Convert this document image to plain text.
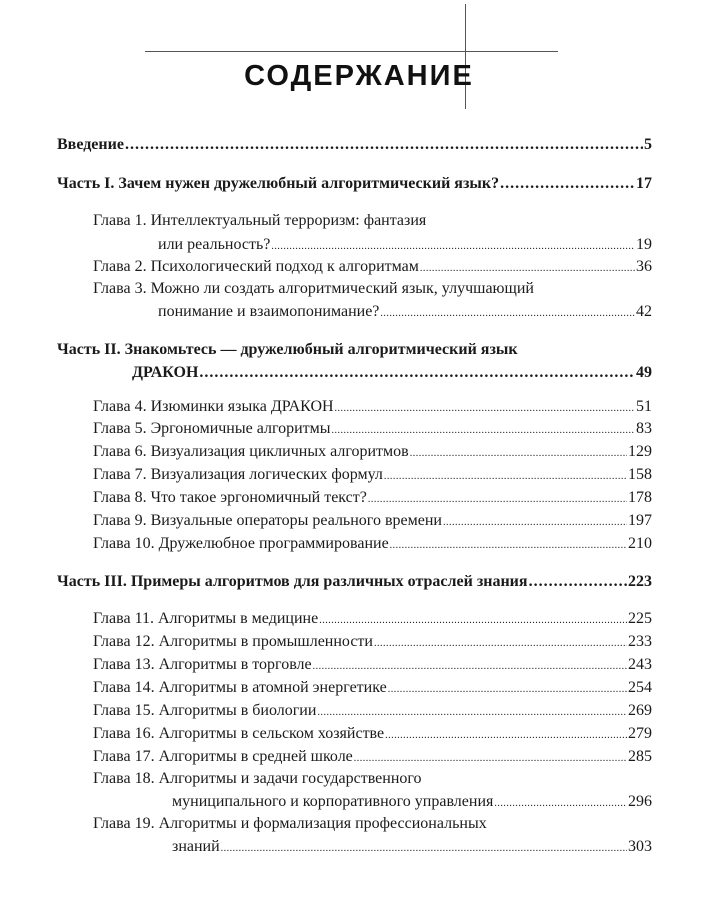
СОДЕРЖАНИЕ
Введение .....	5
Часть I. Зачем нужен дружелюбный алгоритмический язык? .....	17
Глава 1. Интеллектуальный терроризм: фантазия
или реальность? .....	19
Глава 2. Психологический подход к алгоритмам .....	36
Глава 3. Можно ли создать алгоритмический язык, улучшающий
понимание и взаимопонимание? .....	42
Часть II. Знакомьтесь — дружелюбный алгоритмический язык
ДРАКОН .....	49
Глава 4. Изюминки языка ДРАКОН .....	51
Глава 5. Эргономичные алгоритмы .....	83
Глава 6. Визуализация цикличных алгоритмов .....	129
Глава 7. Визуализация логических формул .....	158
Глава 8. Что такое эргономичный текст? .....	178
Глава 9. Визуальные операторы реального времени .....	197
Глава 10. Дружелюбное программирование .....	210
Часть III. Примеры алгоритмов для различных отраслей знания .....	223
Глава 11. Алгоритмы в медицине .....	225
Глава 12. Алгоритмы в промышленности .....	233
Глава 13. Алгоритмы в торговле .....	243
Глава 14. Алгоритмы в атомной энергетике .....	254
Глава 15. Алгоритмы в биологии .....	269
Глава 16. Алгоритмы в сельском хозяйстве .....	279
Глава 17. Алгоритмы в средней школе .....	285
Глава 18. Алгоритмы и задачи государственного
муниципального и корпоративного управления .....	296
Глава 19. Алгоритмы и формализация профессиональных
знаний .....	303
